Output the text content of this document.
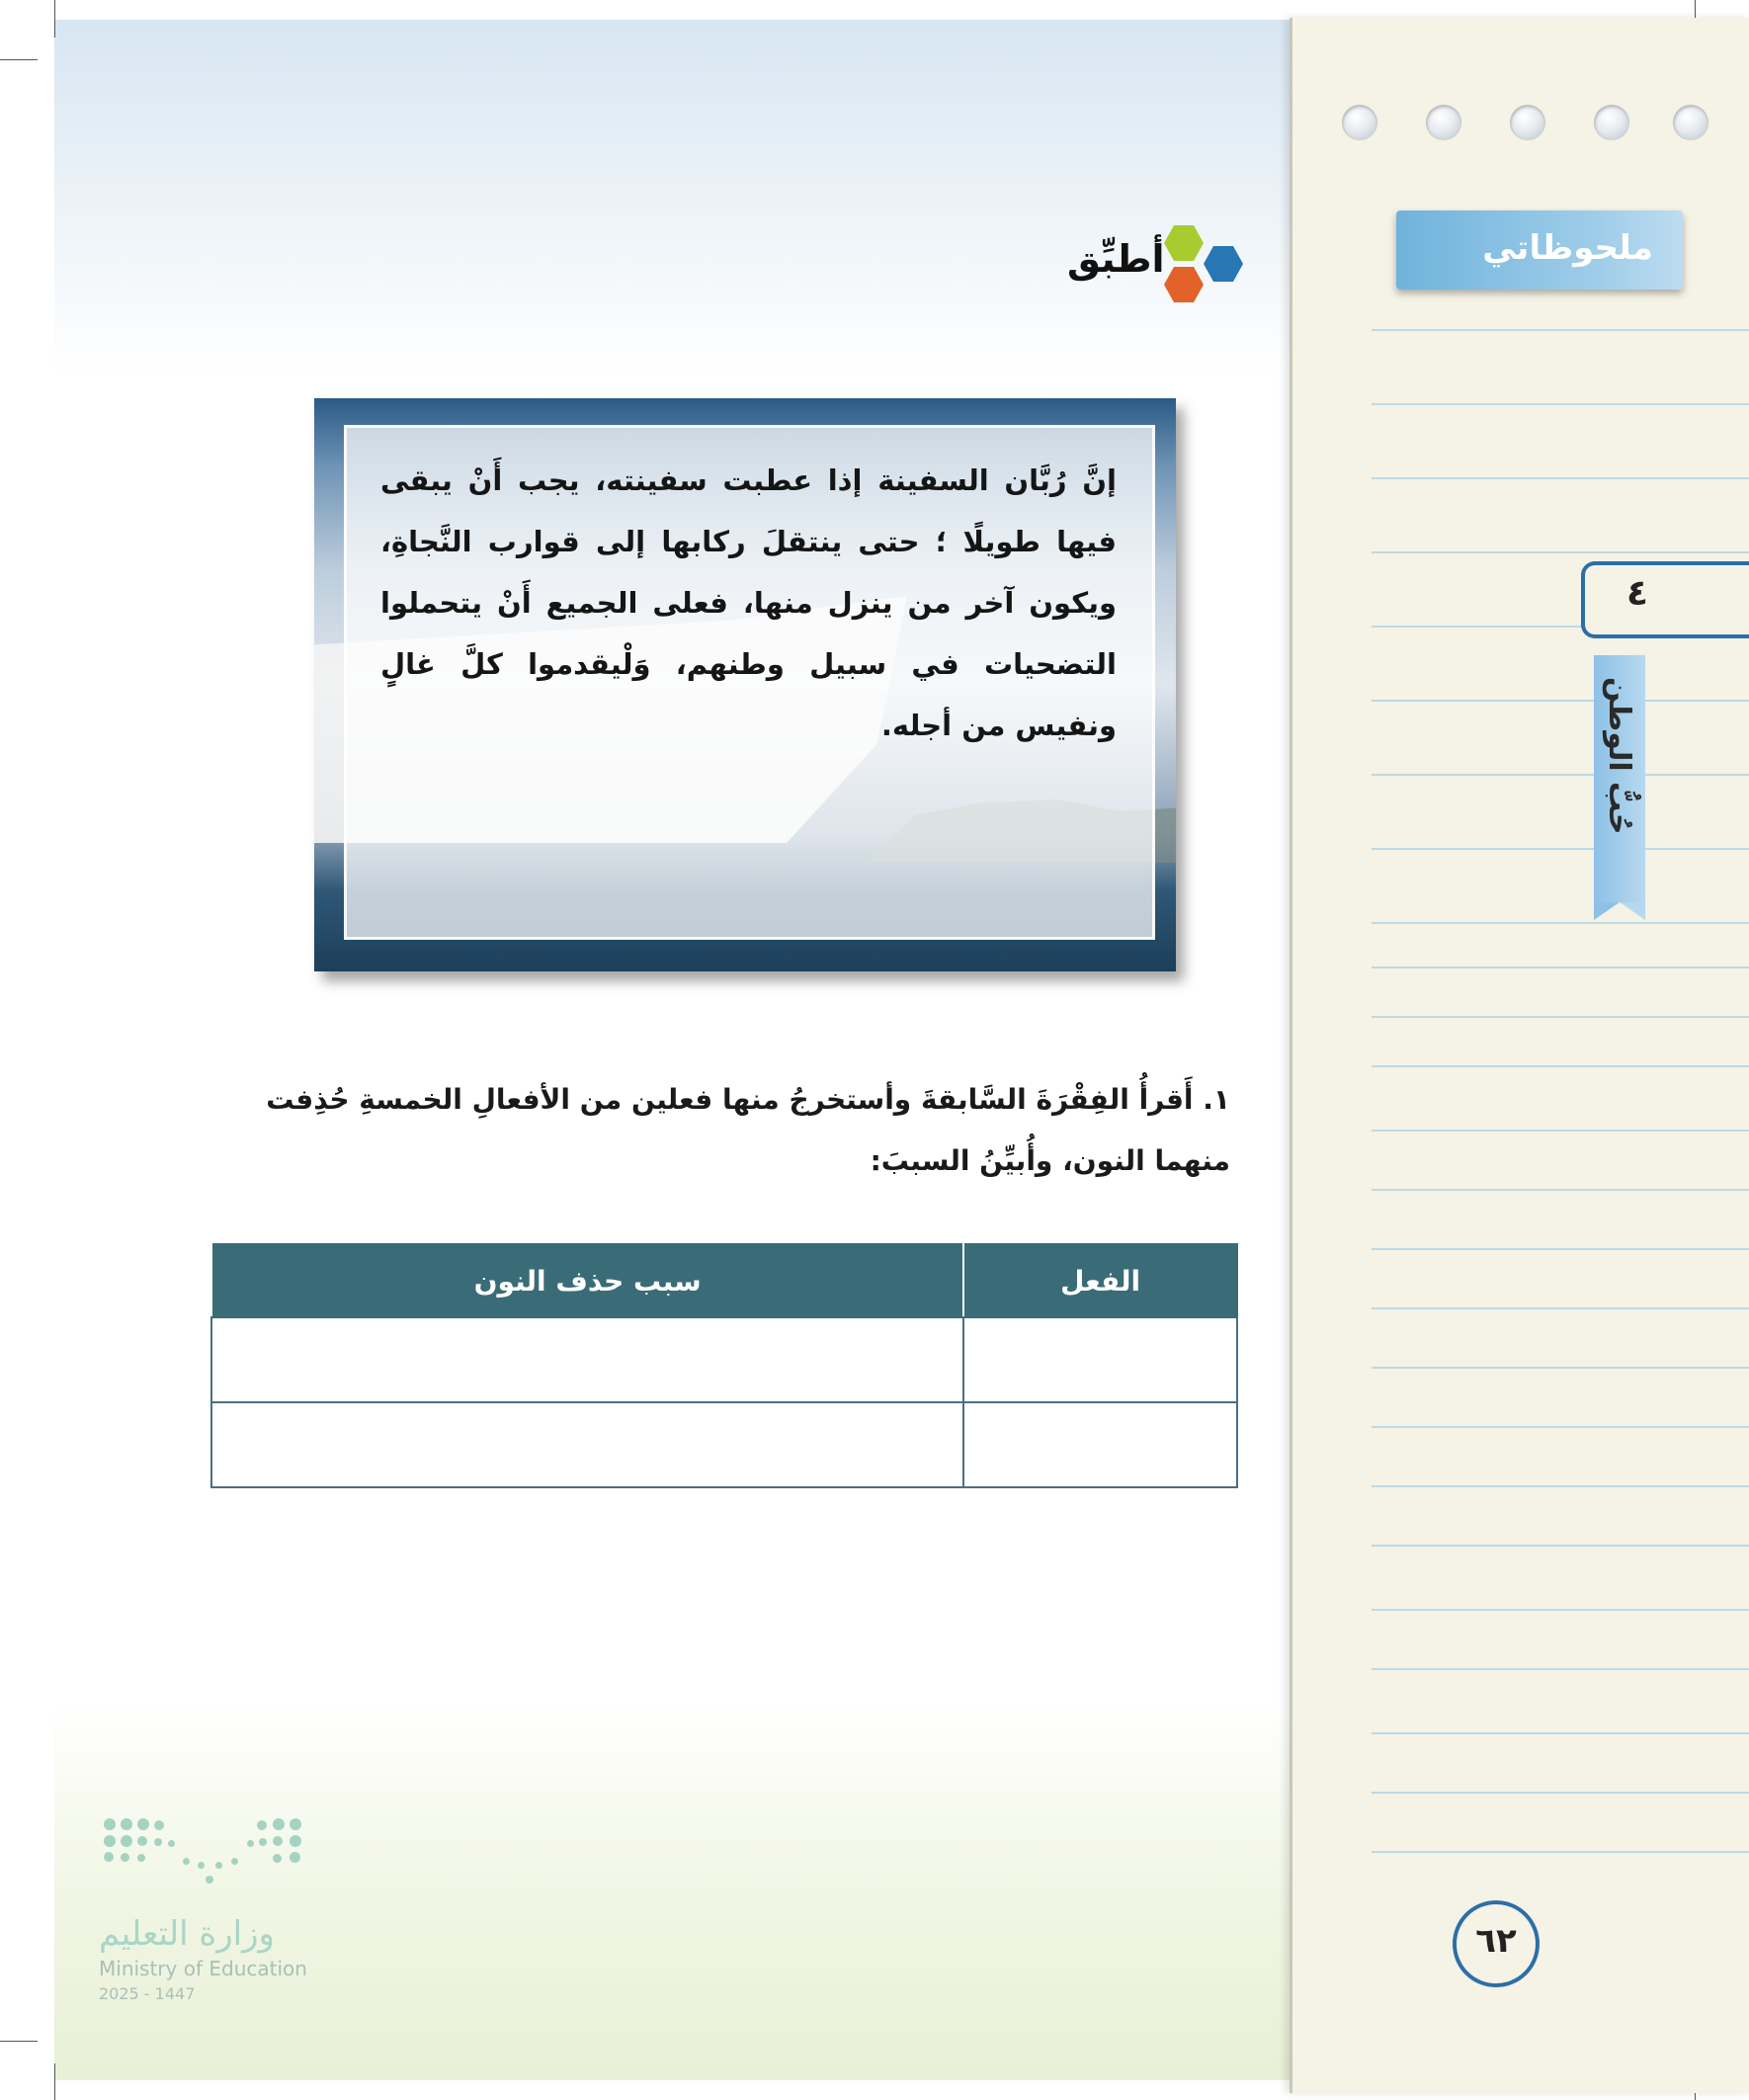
أطبِّق
إنَّ رُبَّان السفينة إذا عطبت سفينته، يجب أَنْ يبقى فيها طويلًا ؛ حتى ينتقلَ ركابها إلى قوارب النَّجاةِ، ويكون آخر من ينزل منها، فعلى الجميع أَنْ يتحملوا التضحيات في سبيل وطنهم، وَلْيقدموا كلَّ غالٍ ونفيس من أجله.
١. أَقرأُ الفِقْرَةَ السَّابقةَ وأستخرجُ منها فعلين من الأفعالِ الخمسةِ حُذِفت منهما النون، وأُبيِّنُ السببَ:
الفعل	سبب حذف النون

وزارة التعليم
Ministry of Education
2025 - 1447
ملحوظاتي
٤
حُبُّ الوطن
٦٢
